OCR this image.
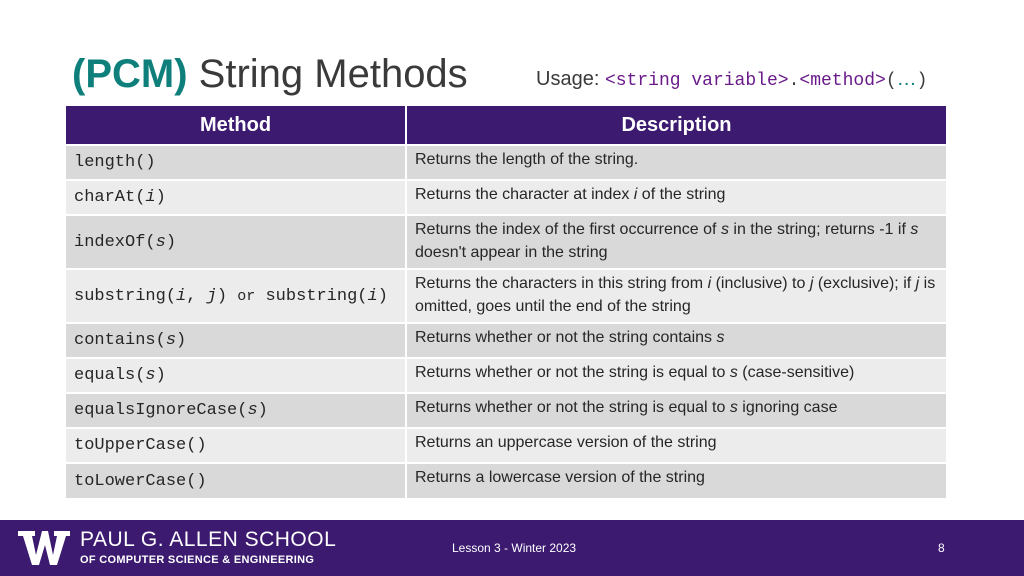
(PCM) String Methods	Usage: <string variable>.<method>(…)
Method	Description
length()	Returns the length of the string.
charAt(i)	Returns the character at index i of the string
indexOf(s)	Returns the index of the first occurrence of s in the string; returns -1 if s doesn't appear in the string
substring(i, j) or substring(i)	Returns the characters in this string from i (inclusive) to j (exclusive); if j is omitted, goes until the end of the string
contains(s)	Returns whether or not the string contains s
equals(s)	Returns whether or not the string is equal to s (case-sensitive)
equalsIgnoreCase(s)	Returns whether or not the string is equal to s ignoring case
toUpperCase()	Returns an uppercase version of the string
toLowerCase()	Returns a lowercase version of the string
PAUL G. ALLEN SCHOOL
OF COMPUTER SCIENCE & ENGINEERING
Lesson 3 - Winter 2023	8
